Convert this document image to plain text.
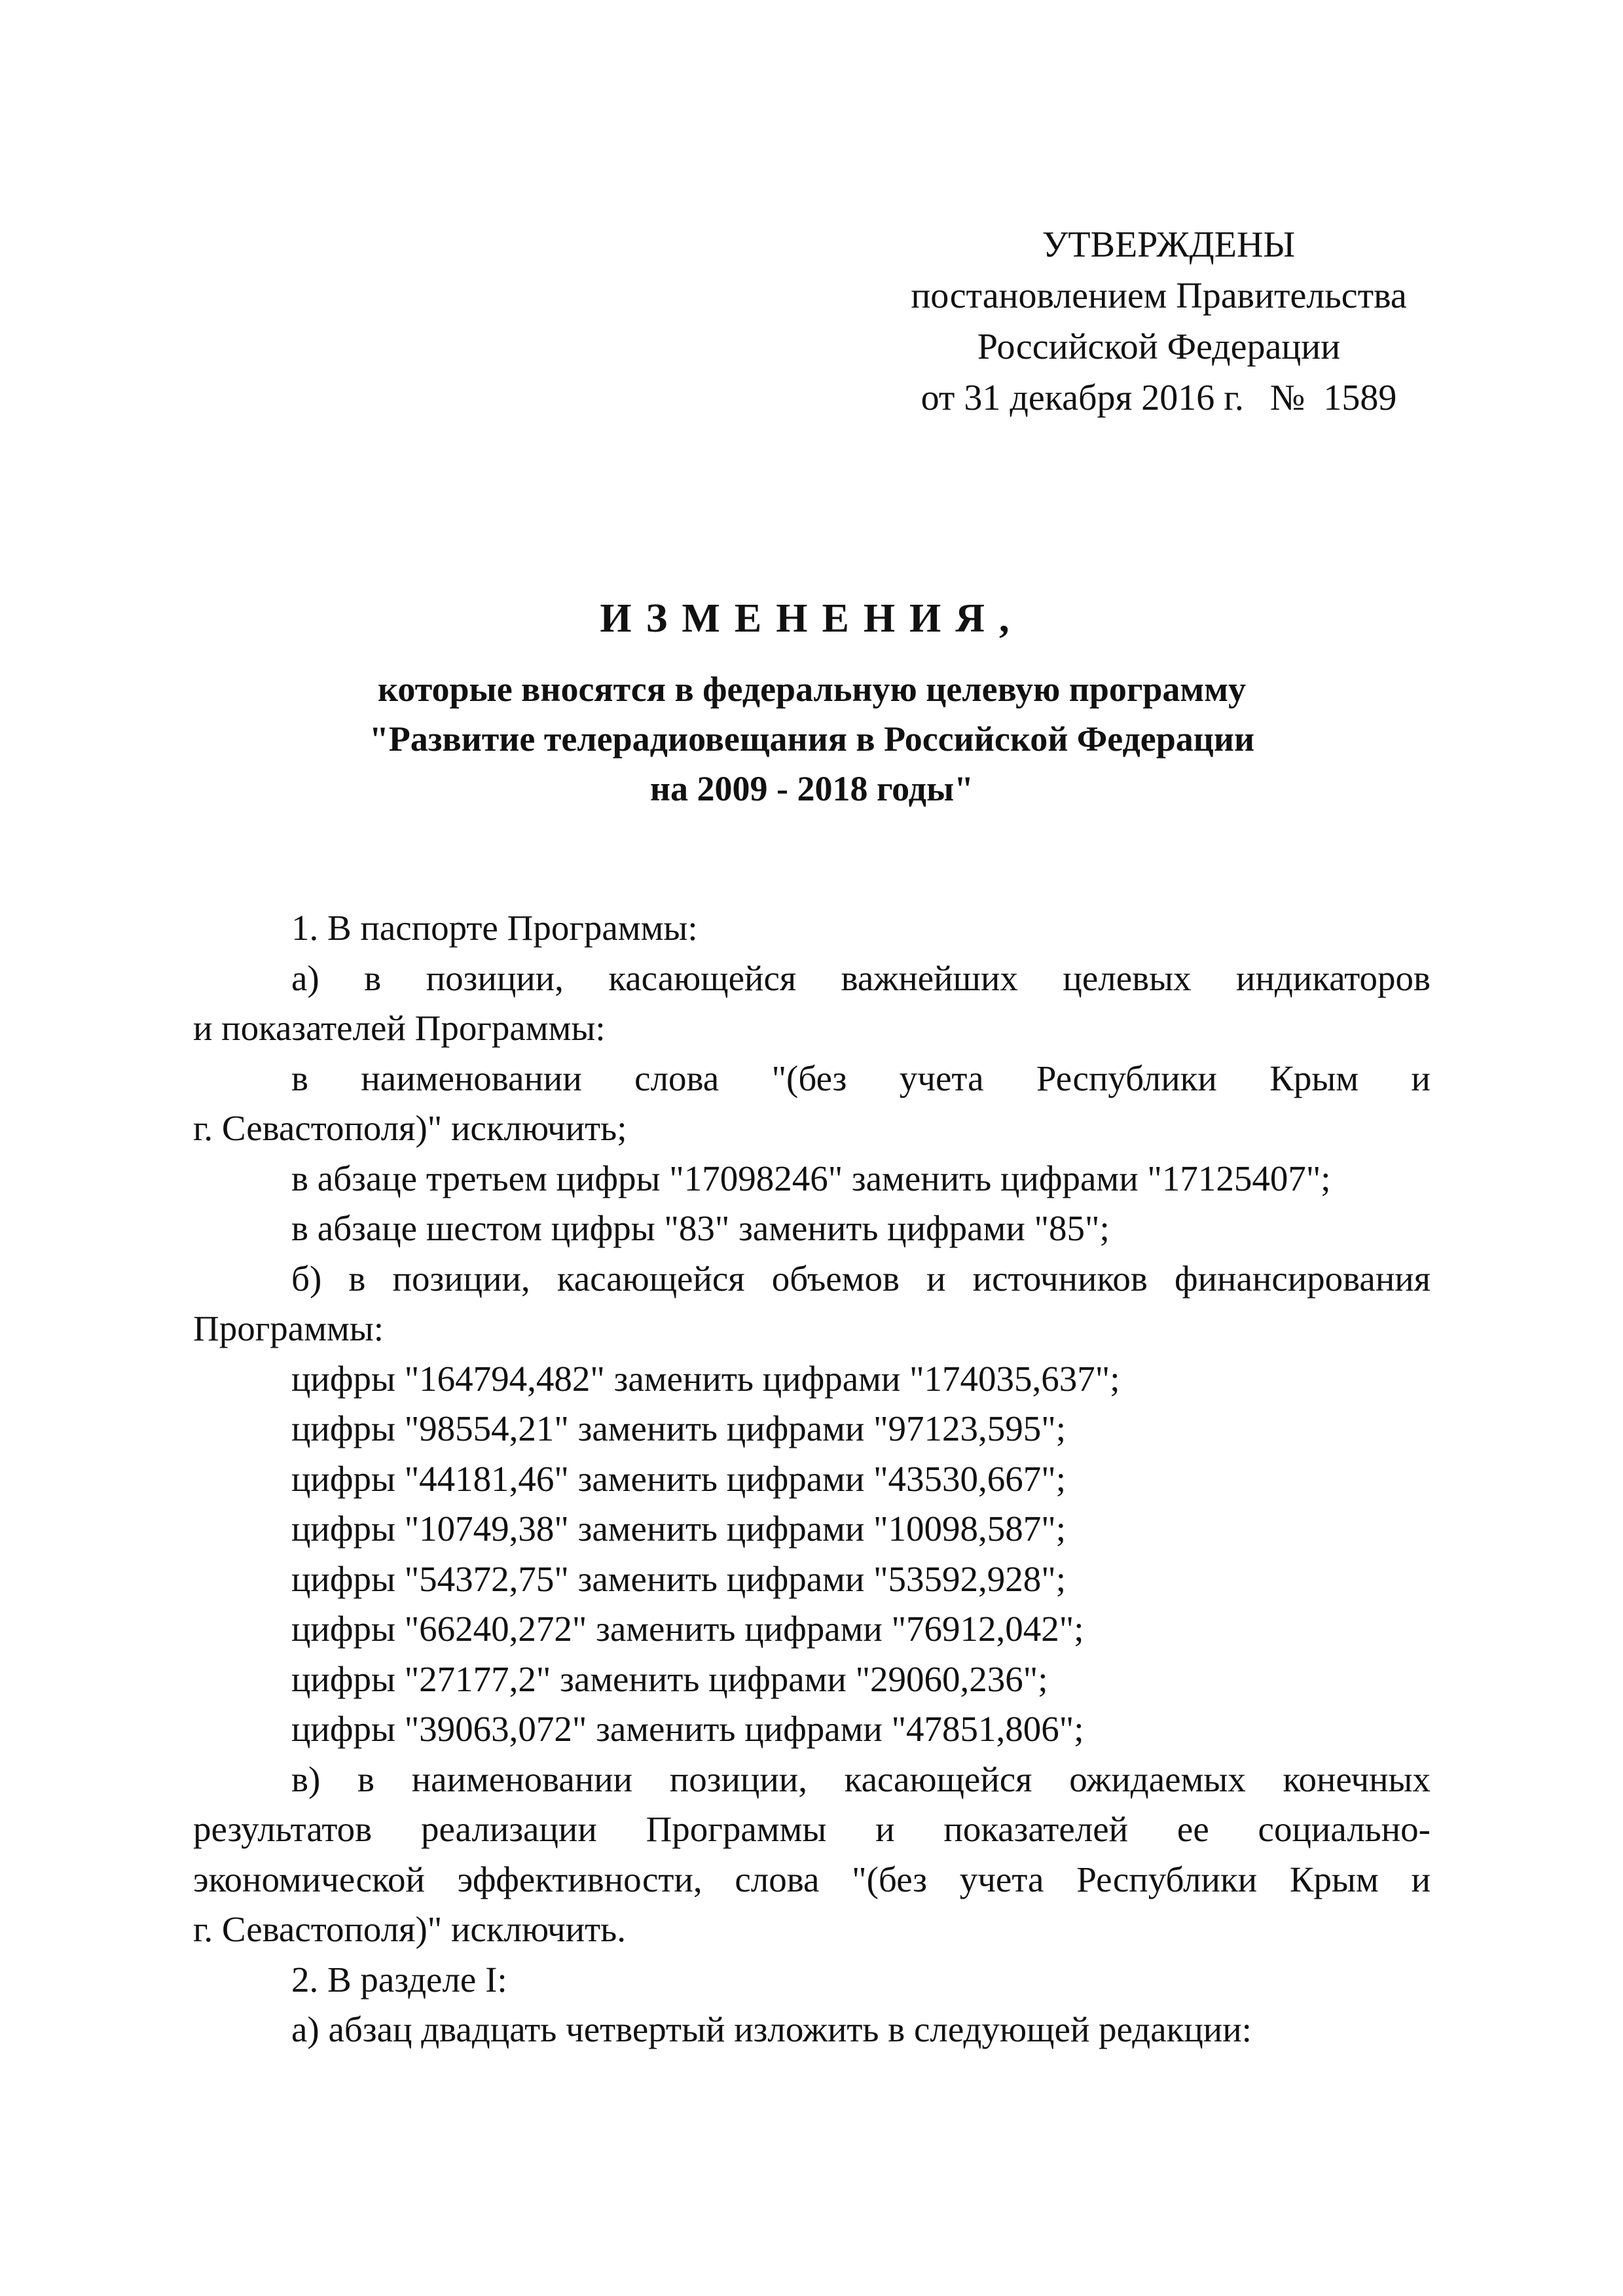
УТВЕРЖДЕНЫ
постановлением Правительства
Российской Федерации
от 31 декабря 2016 г. № 1589
ИЗМЕНЕНИЯ,
которые вносятся в федеральную целевую программу
"Развитие телерадиовещания в Российской Федерации
на 2009 - 2018 годы"
1. В паспорте Программы:
а) в позиции, касающейся важнейших целевых индикаторов
и показателей Программы:
в наименовании слова "(без учета Республики Крым и
г. Севастополя)" исключить;
в абзаце третьем цифры "17098246" заменить цифрами "17125407";
в абзаце шестом цифры "83" заменить цифрами "85";
б) в позиции, касающейся объемов и источников финансирования
Программы:
цифры "164794,482" заменить цифрами "174035,637";
цифры "98554,21" заменить цифрами "97123,595";
цифры "44181,46" заменить цифрами "43530,667";
цифры "10749,38" заменить цифрами "10098,587";
цифры "54372,75" заменить цифрами "53592,928";
цифры "66240,272" заменить цифрами "76912,042";
цифры "27177,2" заменить цифрами "29060,236";
цифры "39063,072" заменить цифрами "47851,806";
в) в наименовании позиции, касающейся ожидаемых конечных
результатов реализации Программы и показателей ее социально-
экономической эффективности, слова "(без учета Республики Крым и
г. Севастополя)" исключить.
2. В разделе I:
а) абзац двадцать четвертый изложить в следующей редакции:
